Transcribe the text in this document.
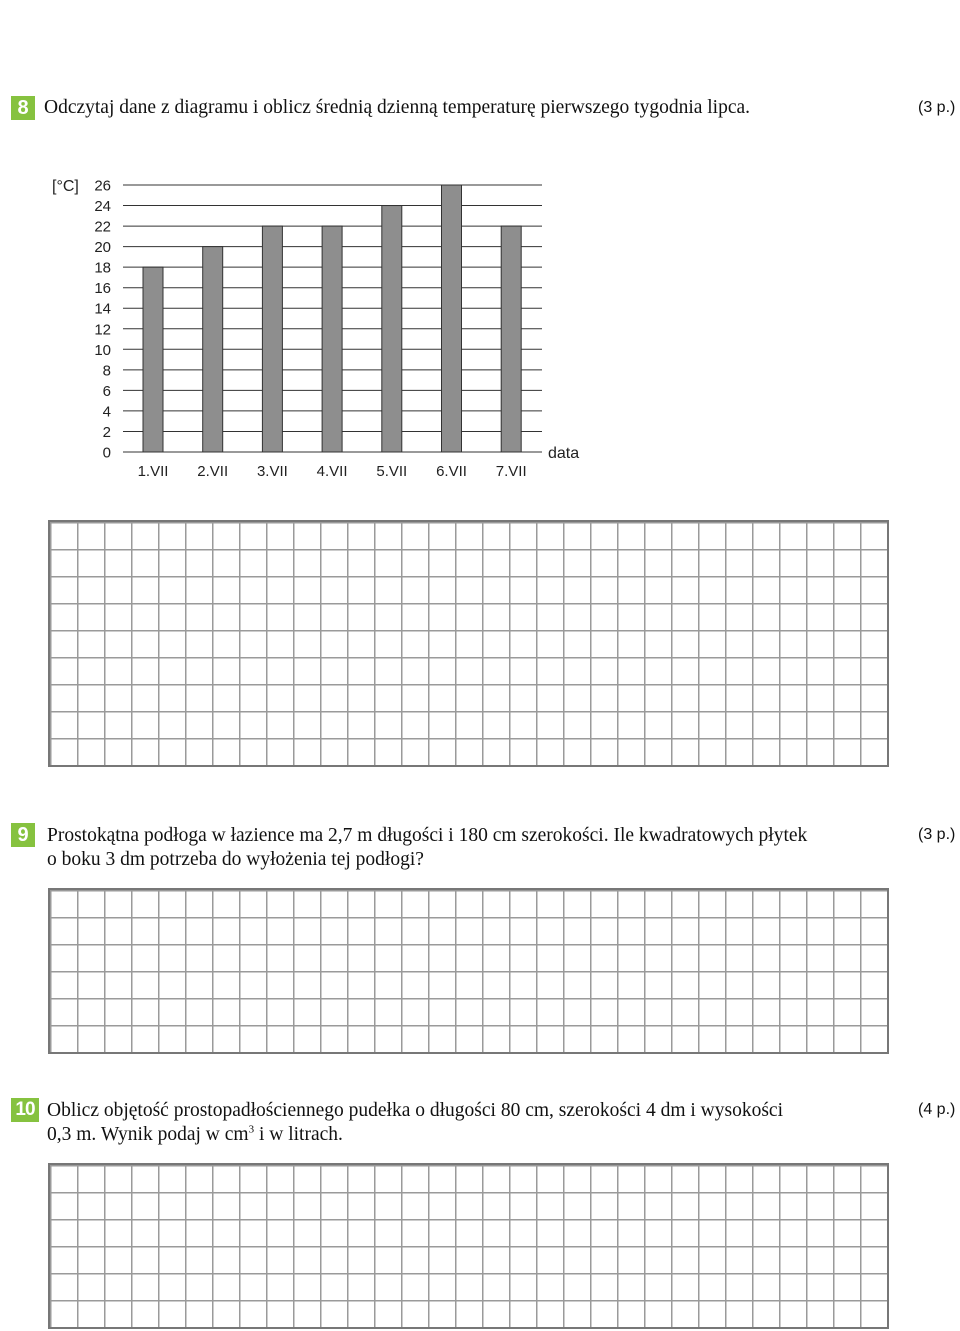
8 Odczytaj dane z diagramu i oblicz średnią dzienną temperaturę pierwszego tygodnia lipca.	(3 p.)
0
2
4
6
8
10
12
14
16
18
20
22
24
26
1.VII 2.VII 3.VII 4.VII 5.VII 6.VII 7.VII
[°C]
data
9 Prostokątna podłoga w łazience ma 2,7 m długości i 180 cm szerokości. Ile kwadratowych płytek
o boku 3 dm potrzeba do wyłożenia tej podłogi?
(3 p.)
10 Oblicz objętość prostopadłościennego pudełka o długości 80 cm, szerokości 4 dm i wysokości
0,3 m. Wynik podaj w $cm^3$ i w litrach.
(4 p.)
